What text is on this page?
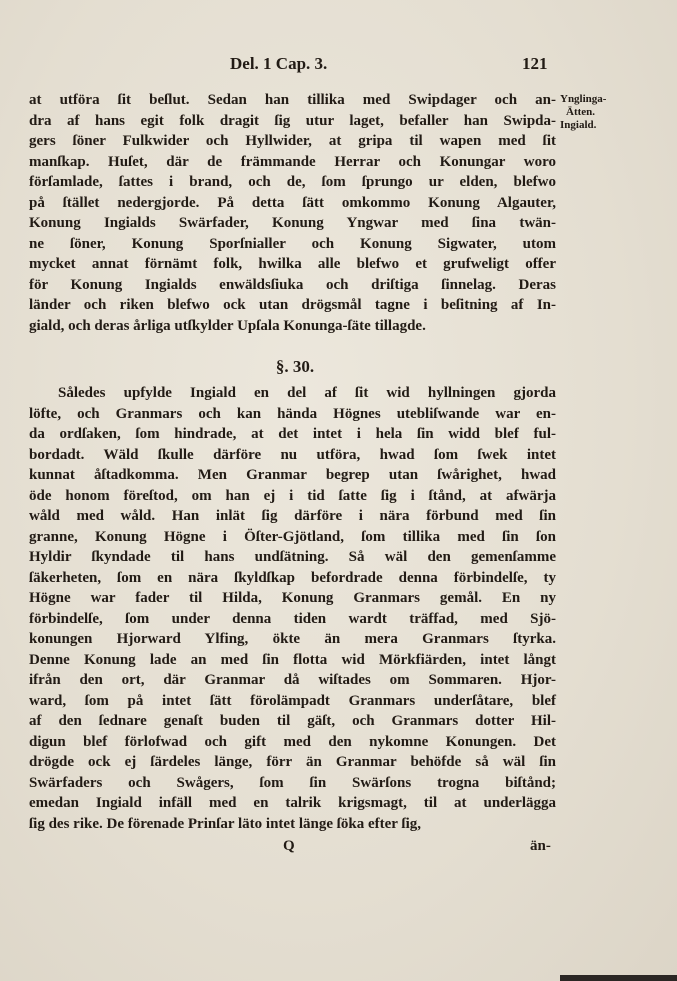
Del. 1 Cap. 3.	121
Ynglinga-
Ätten.
Ingiald.
at utföra ſit beſlut. Sedan han tillika med Swipdager och an-
dra af hans egit folk dragit ſig utur laget, befaller han Swipda-
gers ſöner Fulkwider och Hyllwider, at gripa til wapen med ſit
manſkap. Huſet, där de främmande Herrar och Konungar woro
förſamlade, ſattes i brand, och de, ſom ſprungo ur elden, blefwo
på ſtället nedergjorde. På detta ſätt omkommo Konung Algauter,
Konung Ingialds Swärfader, Konung Yngwar med ſina twän-
ne ſöner, Konung Sporſnialler och Konung Sigwater, utom
mycket annat förnämt folk, hwilka alle blefwo et grufweligt offer
för Konung Ingialds enwäldsſiuka och driſtiga ſinnelag. Deras
länder och riken blefwo ock utan drögsmål tagne i beſitning af In-
giald, och deras årliga utſkylder Upſala Konunga-ſäte tillagde.
§. 30.
Således upfylde Ingiald en del af ſit wid hyllningen gjorda
löfte, och Granmars och kan hända Högnes utebliſwande war en-
da ordſaken, ſom hindrade, at det intet i hela ſin widd blef ful-
bordadt. Wäld ſkulle därföre nu utföra, hwad ſom ſwek intet
kunnat åſtadkomma. Men Granmar begrep utan ſwårighet, hwad
öde honom föreſtod, om han ej i tid ſatte ſig i ſtånd, at afwärja
wåld med wåld. Han inlät ſig därföre i nära förbund med ſin
granne, Konung Högne i Öſter-Gjötland, ſom tillika med ſin ſon
Hyldir ſkyndade til hans undſätning. Så wäl den gemenſamme
ſäkerheten, ſom en nära ſkyldſkap befordrade denna förbindelſe, ty
Högne war fader til Hilda, Konung Granmars gemål. En ny
förbindelſe, ſom under denna tiden wardt träffad, med Sjö-
konungen Hjorward Ylfing, ökte än mera Granmars ſtyrka.
Denne Konung lade an med ſin flotta wid Mörkfiärden, intet långt
ifrån den ort, där Granmar då wiſtades om Sommaren. Hjor-
ward, ſom på intet ſätt förolämpadt Granmars underſåtare, blef
af den ſednare genaſt buden til gäſt, och Granmars dotter Hil-
digun blef förlofwad och gift med den nykomne Konungen. Det
drögde ock ej ſärdeles länge, förr än Granmar behöfde så wäl ſin
Swärfaders och Swågers, ſom ſin Swärſons trogna biſtånd;
emedan Ingiald infäll med en talrik krigsmagt, til at underlägga
ſig des rike. De förenade Prinſar läto intet länge ſöka efter ſig,
Q	än-
